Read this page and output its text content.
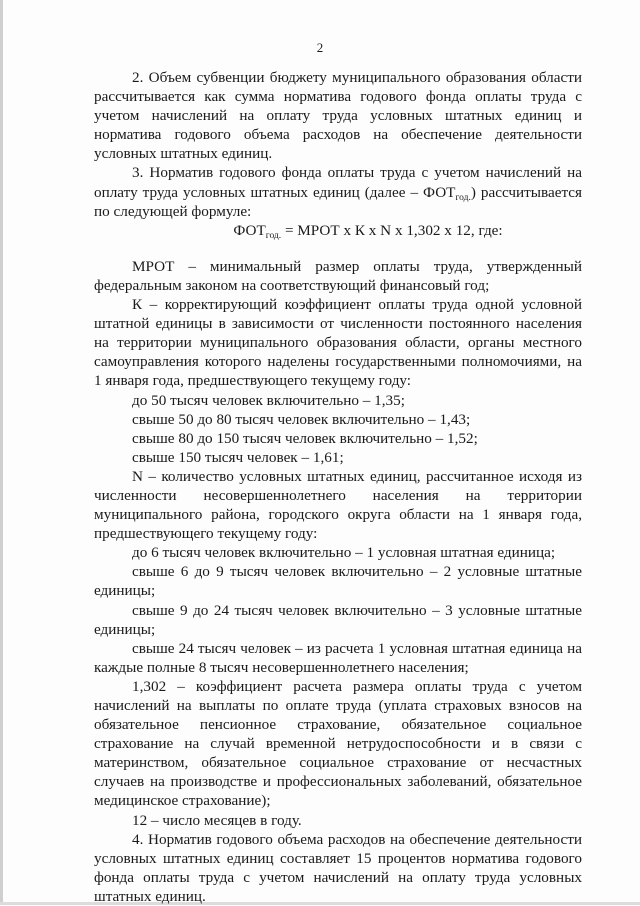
2

2. Объем субвенции бюджету муниципального образования области рассчитывается как сумма норматива годового фонда оплаты труда с учетом начислений на оплату труда условных штатных единиц и норматива годового объема расходов на обеспечение деятельности условных штатных единиц.

3. Норматив годового фонда оплаты труда с учетом начислений на оплату труда условных штатных единиц (далее – $ФОТ_{год.}$) рассчитывается по следующей формуле:

$ФОТ_{год.}$ = МРОТ х К х N х 1,302 х 12, где:

МРОТ – минимальный размер оплаты труда, утвержденный федеральным законом на соответствующий финансовый год;

К – корректирующий коэффициент оплаты труда одной условной штатной единицы в зависимости от численности постоянного населения на территории муниципального образования области, органы местного самоуправления которого наделены государственными полномочиями, на 1 января года, предшествующего текущему году:

до 50 тысяч человек включительно – 1,35;

свыше 50 до 80 тысяч человек включительно – 1,43;

свыше 80 до 150 тысяч человек включительно – 1,52;

свыше 150 тысяч человек – 1,61;

N – количество условных штатных единиц, рассчитанное исходя из численности несовершеннолетнего населения на территории муниципального района, городского округа области на 1 января года, предшествующего текущему году:

до 6 тысяч человек включительно – 1 условная штатная единица;

свыше 6 до 9 тысяч человек включительно – 2 условные штатные единицы;

свыше 9 до 24 тысяч человек включительно – 3 условные штатные единицы;

свыше 24 тысяч человек – из расчета 1 условная штатная единица на каждые полные 8 тысяч несовершеннолетнего населения;

1,302 – коэффициент расчета размера оплаты труда с учетом начислений на выплаты по оплате труда (уплата страховых взносов на обязательное пенсионное страхование, обязательное социальное страхование на случай временной нетрудоспособности и в связи с материнством, обязательное социальное страхование от несчастных случаев на производстве и профессиональных заболеваний, обязательное медицинское страхование);

12 – число месяцев в году.

4. Норматив годового объема расходов на обеспечение деятельности условных штатных единиц составляет 15 процентов норматива годового фонда оплаты труда с учетом начислений на оплату труда условных штатных единиц.
